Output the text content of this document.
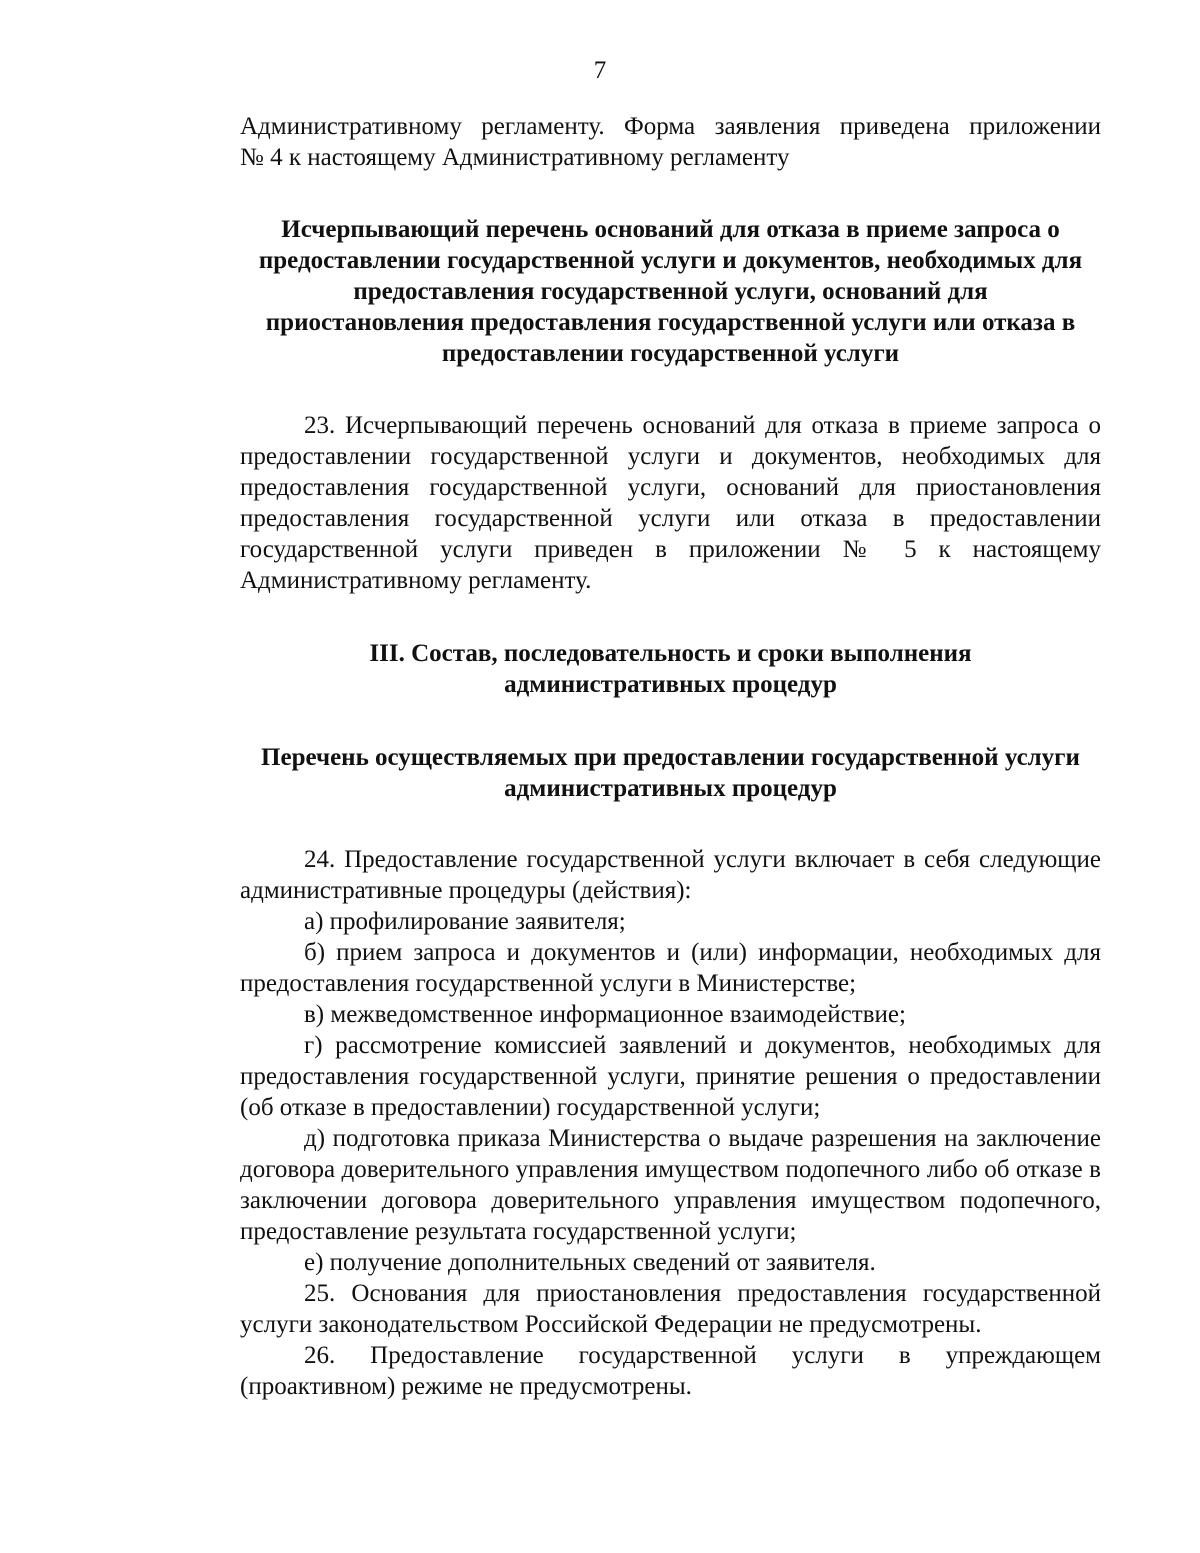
7

Административному регламенту. Форма заявления приведена приложении

№ 4 к настоящему Административному регламенту

Исчерпывающий перечень оснований для отказа в приеме запроса о
предоставлении государственной услуги и документов, необходимых для
предоставления государственной услуги, оснований для
приостановления предоставления государственной услуги или отказа в
предоставлении государственной услуги

23. Исчерпывающий перечень оснований для отказа в приеме запроса о предоставлении государственной услуги и документов, необходимых для предоставления государственной услуги, оснований для приостановления предоставления государственной услуги или отказа в предоставлении государственной услуги приведен в приложении № 5 к настоящему Административному регламенту.

III. Состав, последовательность и сроки выполнения
административных процедур
Перечень осуществляемых при предоставлении государственной услуги
административных процедур

24. Предоставление государственной услуги включает в себя следующие административные процедуры (действия):

а) профилирование заявителя;

б) прием запроса и документов и (или) информации, необходимых для предоставления государственной услуги в Министерстве;

в) межведомственное информационное взаимодействие;

г) рассмотрение комиссией заявлений и документов, необходимых для предоставления государственной услуги, принятие решения о предоставлении (об отказе в предоставлении) государственной услуги;

д) подготовка приказа Министерства о выдаче разрешения на заключение договора доверительного управления имуществом подопечного либо об отказе в заключении договора доверительного управления имуществом подопечного, предоставление результата государственной услуги;

е) получение дополнительных сведений от заявителя.

25. Основания для приостановления предоставления государственной услуги законодательством Российской Федерации не предусмотрены.

26. Предоставление государственной услуги в упреждающем (проактивном) режиме не предусмотрены.
